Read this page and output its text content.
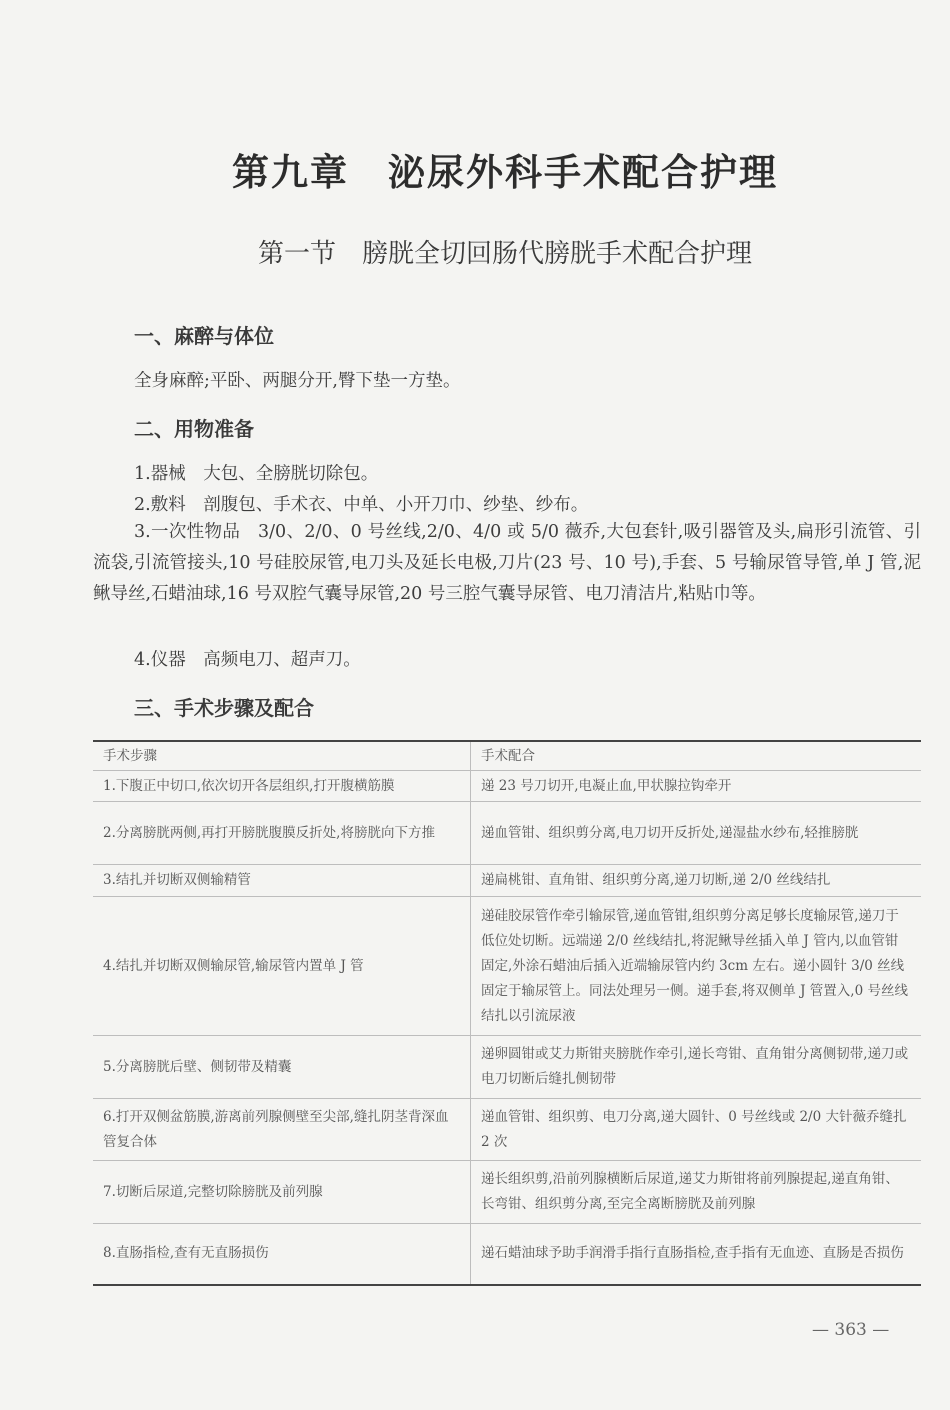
第九章　泌尿外科手术配合护理
第一节　膀胱全切回肠代膀胱手术配合护理
一、麻醉与体位
全身麻醉;平卧、两腿分开,臀下垫一方垫。
二、用物准备
1.器械　大包、全膀胱切除包。
2.敷料　剖腹包、手术衣、中单、小开刀巾、纱垫、纱布。
3.一次性物品　3/0、2/0、0 号丝线,2/0、4/0 或 5/0 薇乔,大包套针,吸引器管及头,扁形引流管、引流袋,引流管接头,10 号硅胶尿管,电刀头及延长电极,刀片(23 号、10 号),手套、5 号输尿管导管,单 J 管,泥鳅导丝,石蜡油球,16 号双腔气囊导尿管,20 号三腔气囊导尿管、电刀清洁片,粘贴巾等。
4.仪器　高频电刀、超声刀。
三、手术步骤及配合
手术步骤	手术配合
1.下腹正中切口,依次切开各层组织,打开腹横筋膜	递 23 号刀切开,电凝止血,甲状腺拉钩牵开
2.分离膀胱两侧,再打开膀胱腹膜反折处,将膀胱向下方推	递血管钳、组织剪分离,电刀切开反折处,递湿盐水纱布,轻推膀胱
3.结扎并切断双侧输精管	递扁桃钳、直角钳、组织剪分离,递刀切断,递 2/0 丝线结扎
4.结扎并切断双侧输尿管,输尿管内置单 J 管	递硅胶尿管作牵引输尿管,递血管钳,组织剪分离足够长度输尿管,递刀于低位处切断。远端递 2/0 丝线结扎,将泥鳅导丝插入单 J 管内,以血管钳固定,外涂石蜡油后插入近端输尿管内约 3cm 左右。递小圆针 3/0 丝线固定于输尿管上。同法处理另一侧。递手套,将双侧单 J 管置入,0 号丝线结扎以引流尿液
5.分离膀胱后壁、侧韧带及精囊	递卵圆钳或艾力斯钳夹膀胱作牵引,递长弯钳、直角钳分离侧韧带,递刀或电刀切断后缝扎侧韧带
6.打开双侧盆筋膜,游离前列腺侧壁至尖部,缝扎阴茎背深血管复合体	递血管钳、组织剪、电刀分离,递大圆针、0 号丝线或 2/0 大针薇乔缝扎 2 次
7.切断后尿道,完整切除膀胱及前列腺	递长组织剪,沿前列腺横断后尿道,递艾力斯钳将前列腺提起,递直角钳、长弯钳、组织剪分离,至完全离断膀胱及前列腺
8.直肠指检,查有无直肠损伤	递石蜡油球予助手润滑手指行直肠指检,查手指有无血迹、直肠是否损伤
— 363 —
